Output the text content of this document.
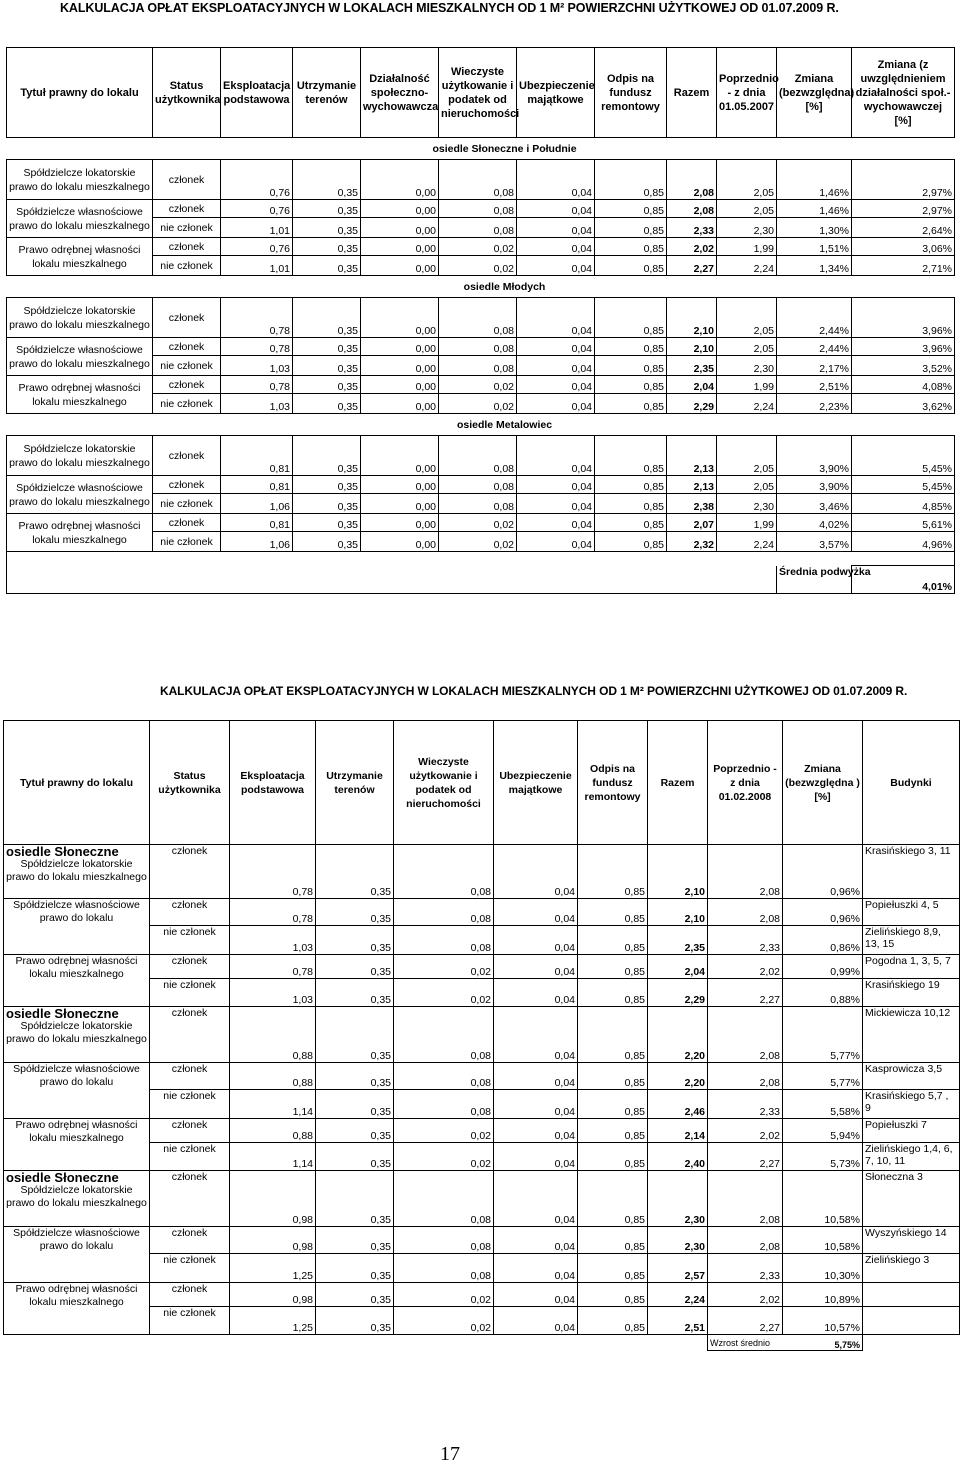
KALKULACJA OPŁAT EKSPLOATACYJNYCH W LOKALACH MIESZKALNYCH OD 1 M² POWIERZCHNI UŻYTKOWEJ OD 01.07.2009 R.
Tytuł prawny do lokalu	Status użytkownika	Eksploatacja podstawowa	Utrzymanie terenów	Działalność społeczno-wychowawcza	Wieczyste użytkowanie i podatek od nieruchomości	Ubezpieczenie majątkowe	Odpis na fundusz remontowy	Razem	Poprzednio - z dnia 01.05.2007	Zmiana (bezwzględna) [%]	Zmiana (z uwzględnieniem działalności społ.-wychowawczej [%]
			osiedle Słoneczne i Południe								
Spółdzielcze lokatorskie prawo do lokalu mieszkalnego	członek	0,76	0,35	0,00	0,08	0,04	0,85	2,08	2,05	1,46%	2,97%
Spółdzielcze własnościowe prawo do lokalu mieszkalnego	członek	0,76	0,35	0,00	0,08	0,04	0,85	2,08	2,05	1,46%	2,97%
	nie członek	1,01	0,35	0,00	0,08	0,04	0,85	2,33	2,30	1,30%	2,64%
Prawo odrębnej własności lokalu mieszkalnego	członek	0,76	0,35	0,00	0,02	0,04	0,85	2,02	1,99	1,51%	3,06%
	nie członek	1,01	0,35	0,00	0,02	0,04	0,85	2,27	2,24	1,34%	2,71%
			osiedle Młodych								
Spółdzielcze lokatorskie prawo do lokalu mieszkalnego	członek	0,78	0,35	0,00	0,08	0,04	0,85	2,10	2,05	2,44%	3,96%
Spółdzielcze własnościowe prawo do lokalu mieszkalnego	członek	0,78	0,35	0,00	0,08	0,04	0,85	2,10	2,05	2,44%	3,96%
	nie członek	1,03	0,35	0,00	0,08	0,04	0,85	2,35	2,30	2,17%	3,52%
Prawo odrębnej własności lokalu mieszkalnego	członek	0,78	0,35	0,00	0,02	0,04	0,85	2,04	1,99	2,51%	4,08%
	nie członek	1,03	0,35	0,00	0,02	0,04	0,85	2,29	2,24	2,23%	3,62%
			osiedle Metalowiec								
Spółdzielcze lokatorskie prawo do lokalu mieszkalnego	członek	0,81	0,35	0,00	0,08	0,04	0,85	2,13	2,05	3,90%	5,45%
Spółdzielcze własnościowe prawo do lokalu mieszkalnego	członek	0,81	0,35	0,00	0,08	0,04	0,85	2,13	2,05	3,90%	5,45%
	nie członek	1,06	0,35	0,00	0,08	0,04	0,85	2,38	2,30	3,46%	4,85%
Prawo odrębnej własności lokalu mieszkalnego	członek	0,81	0,35	0,00	0,02	0,04	0,85	2,07	1,99	4,02%	5,61%
	nie członek	1,06	0,35	0,00	0,02	0,04	0,85	2,32	2,24	3,57%	4,96%

										Średnia podwyżka	4,01%
KALKULACJA OPŁAT EKSPLOATACYJNYCH W LOKALACH MIESZKALNYCH OD 1 M² POWIERZCHNI UŻYTKOWEJ OD 01.07.2009 R.
Tytuł prawny do lokalu	Status użytkownika	Eksploatacja podstawowa	Utrzymanie terenów	Wieczyste użytkowanie i podatek od nieruchomości	Ubezpieczenie majątkowe	Odpis na fundusz remontowy	Razem	Poprzednio - z dnia 01.02.2008	Zmiana (bezwzględna ) [%]	Budynki

osiedle Słoneczne
Spółdzielcze lokatorskie prawo do lokalu mieszkalnego	członek	0,78	0,35	0,08	0,04	0,85	2,10	2,08	0,96%	Krasińskiego 3, 11

Spółdzielcze własnościowe prawo do lokalu	członek	0,78	0,35	0,08	0,04	0,85	2,10	2,08	0,96%	Popiełuszki 4, 5
	nie członek	1,03	0,35	0,08	0,04	0,85	2,35	2,33	0,86%	Zielińskiego 8,9, 13, 15

Prawo odrębnej własności lokalu mieszkalnego	członek	0,78	0,35	0,02	0,04	0,85	2,04	2,02	0,99%	Pogodna 1, 3, 5, 7
	nie członek	1,03	0,35	0,02	0,04	0,85	2,29	2,27	0,88%	Krasińskiego 19

osiedle Słoneczne
Spółdzielcze lokatorskie prawo do lokalu mieszkalnego	członek	0,88	0,35	0,08	0,04	0,85	2,20	2,08	5,77%	Mickiewicza 10,12

Spółdzielcze własnościowe prawo do lokalu	członek	0,88	0,35	0,08	0,04	0,85	2,20	2,08	5,77%	Kasprowicza 3,5
	nie członek	1,14	0,35	0,08	0,04	0,85	2,46	2,33	5,58%	Krasińskiego 5,7 , 9

Prawo odrębnej własności lokalu mieszkalnego	członek	0,88	0,35	0,02	0,04	0,85	2,14	2,02	5,94%	Popiełuszki 7
	nie członek	1,14	0,35	0,02	0,04	0,85	2,40	2,27	5,73%	Zielińskiego 1,4, 6, 7, 10, 11

osiedle Słoneczne
Spółdzielcze lokatorskie prawo do lokalu mieszkalnego	członek	0,98	0,35	0,08	0,04	0,85	2,30	2,08	10,58%	Słoneczna 3

Spółdzielcze własnościowe prawo do lokalu	członek	0,98	0,35	0,08	0,04	0,85	2,30	2,08	10,58%	Wyszyńskiego 14
	nie członek	1,25	0,35	0,08	0,04	0,85	2,57	2,33	10,30%	Zielińskiego 3

Prawo odrębnej własności lokalu mieszkalnego	członek	0,98	0,35	0,02	0,04	0,85	2,24	2,02	10,89%	
	nie członek	1,25	0,35	0,02	0,04	0,85	2,51	2,27	10,57%	
								Wzrost średnio	5,75%	
17
